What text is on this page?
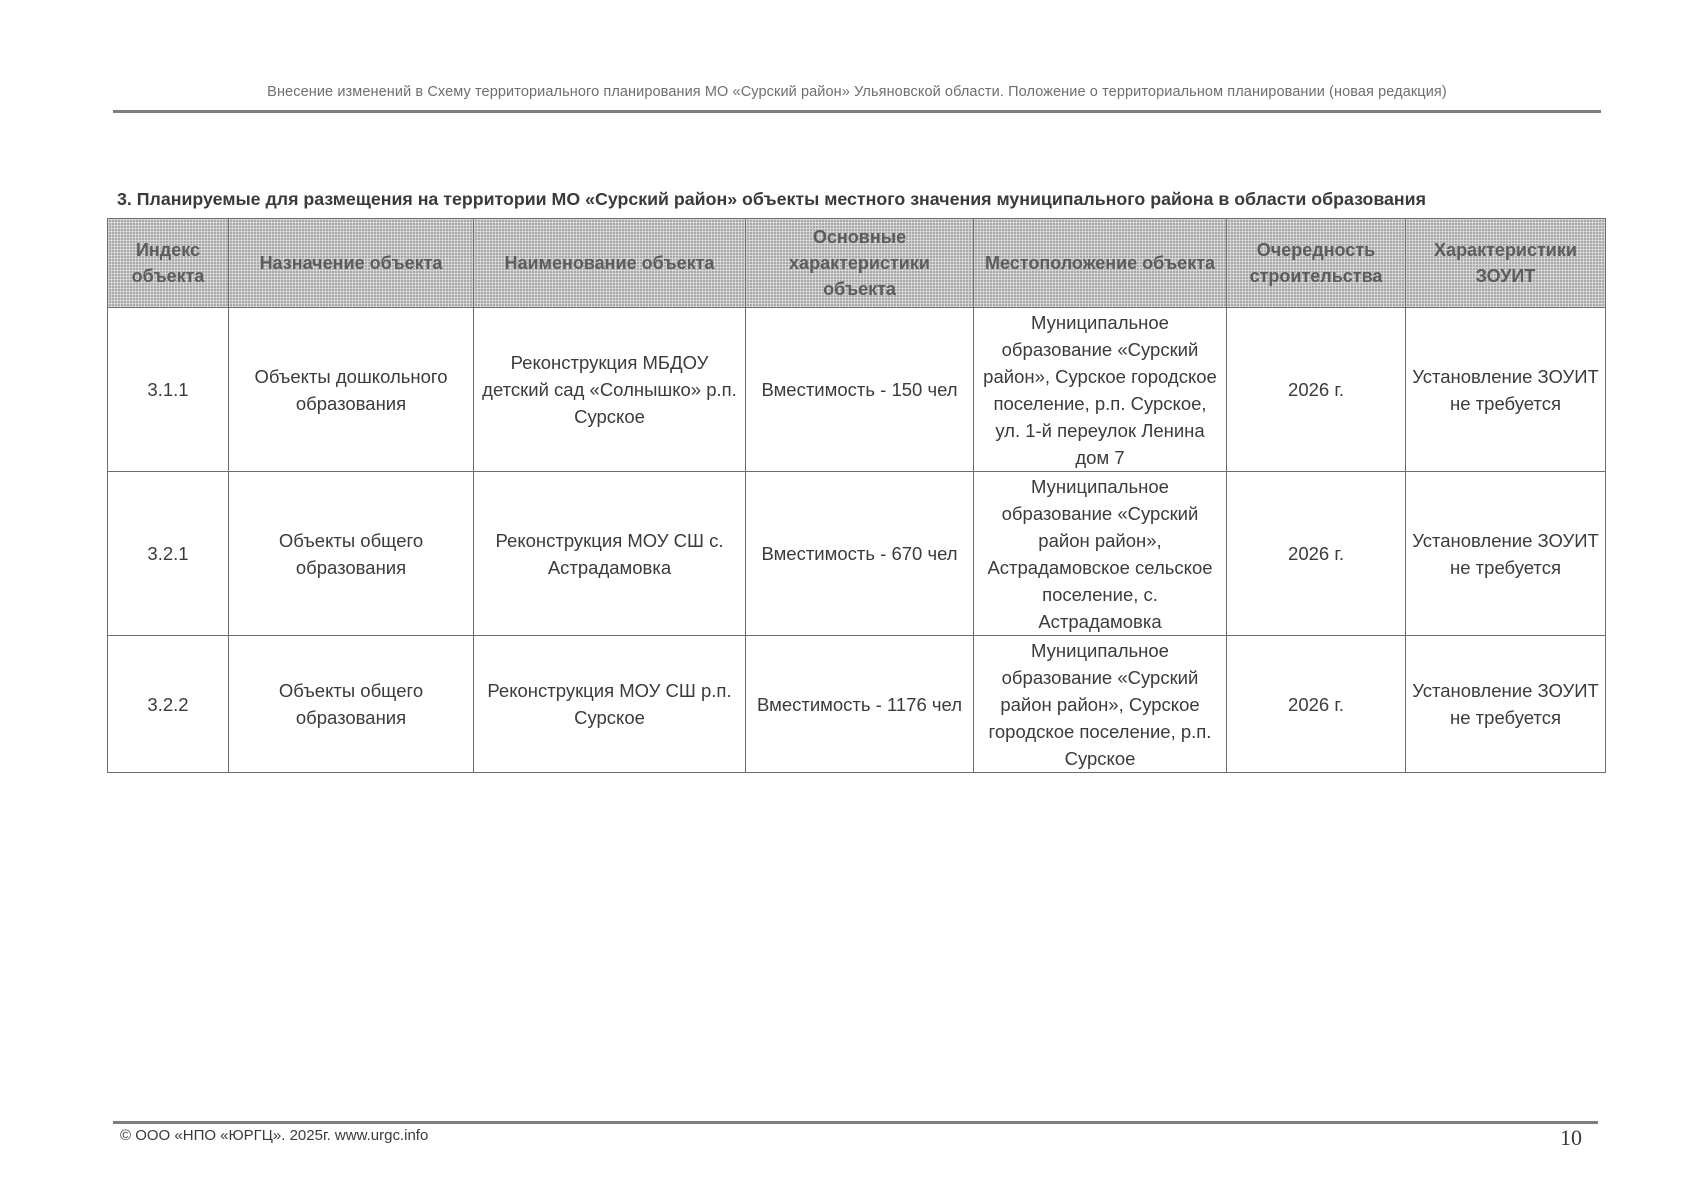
Внесение изменений в Схему территориального планирования МО «Сурский район» Ульяновской области. Положение о территориальном планировании (новая редакция)
3. Планируемые для размещения на территории МО «Сурский район» объекты местного значения муниципального района в области образования
Индекс объекта	Назначение объекта	Наименование объекта	Основные характеристики объекта	Местоположение объекта	Очередность строительства	Характеристики ЗОУИТ
3.1.1	Объекты дошкольного образования	Реконструкция МБДОУ детский сад «Солнышко» р.п. Сурское	Вместимость - 150 чел	Муниципальное образование «Сурский район», Сурское городское поселение, р.п. Сурское, ул. 1-й переулок Ленина дом 7	2026 г.	Установление ЗОУИТ не требуется
3.2.1	Объекты общего образования	Реконструкция МОУ СШ с. Астрадамовка	Вместимость - 670 чел	Муниципальное образование «Сурский район район», Астрадамовское сельское поселение, с. Астрадамовка	2026 г.	Установление ЗОУИТ не требуется
3.2.2	Объекты общего образования	Реконструкция МОУ СШ р.п. Сурское	Вместимость - 1176 чел	Муниципальное образование «Сурский район район», Сурское городское поселение, р.п. Сурское	2026 г.	Установление ЗОУИТ не требуется
© ООО «НПО «ЮРГЦ». 2025г. www.urgc.info	10
